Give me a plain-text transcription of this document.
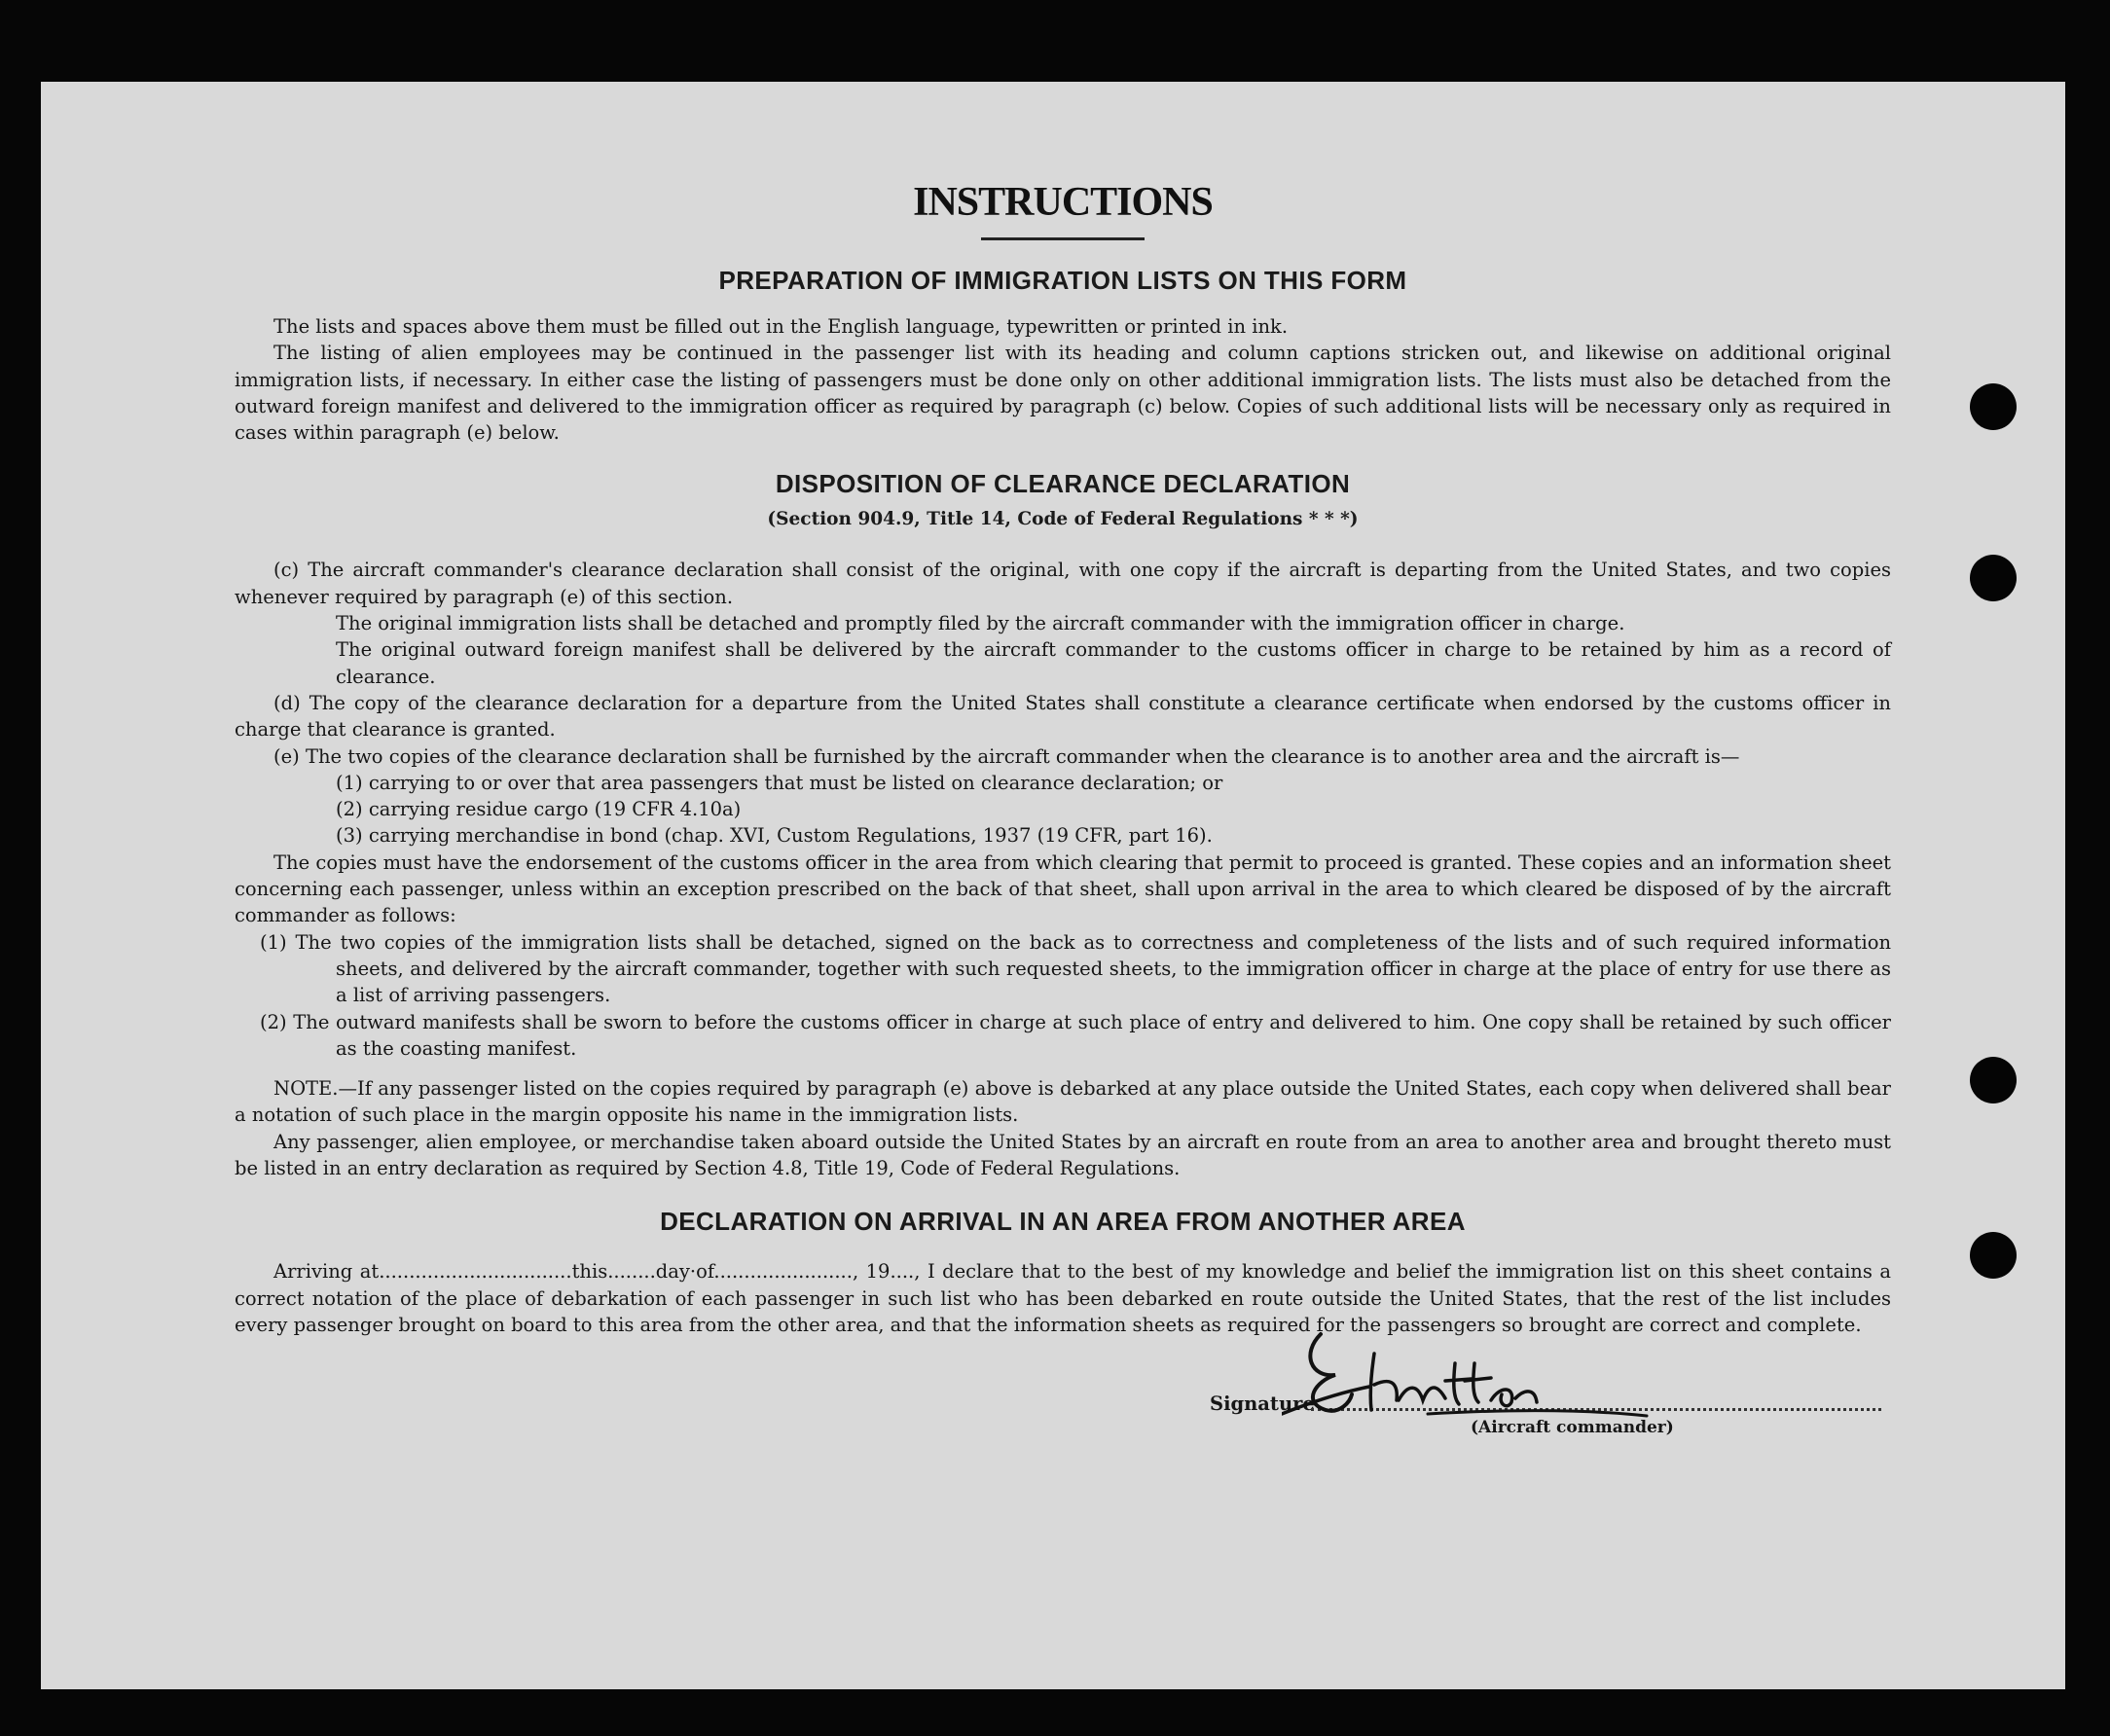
INSTRUCTIONS
PREPARATION OF IMMIGRATION LISTS ON THIS FORM

The lists and spaces above them must be filled out in the English language, typewritten or printed in ink.

The listing of alien employees may be continued in the passenger list with its heading and column captions stricken out, and likewise on additional original immigration lists, if necessary. In either case the listing of passengers must be done only on other additional immigration lists. The lists must also be detached from the outward foreign manifest and delivered to the immigration officer as required by paragraph (c) below. Copies of such additional lists will be necessary only as required in cases within paragraph (e) below.

DISPOSITION OF CLEARANCE DECLARATION
(Section 904.9, Title 14, Code of Federal Regulations * * *)

(c) The aircraft commander's clearance declaration shall consist of the original, with one copy if the aircraft is departing from the United States, and two copies whenever required by paragraph (e) of this section.

The original immigration lists shall be detached and promptly filed by the aircraft commander with the immigration officer in charge.

The original outward foreign manifest shall be delivered by the aircraft commander to the customs officer in charge to be retained by him as a record of clearance.

(d) The copy of the clearance declaration for a departure from the United States shall constitute a clearance certificate when endorsed by the customs officer in charge that clearance is granted.

(e) The two copies of the clearance declaration shall be furnished by the aircraft commander when the clearance is to another area and the aircraft is—

(1) carrying to or over that area passengers that must be listed on clearance declaration; or

(2) carrying residue cargo (19 CFR 4.10a)

(3) carrying merchandise in bond (chap. XVI, Custom Regulations, 1937 (19 CFR, part 16).

The copies must have the endorsement of the customs officer in the area from which clearing that permit to proceed is granted. These copies and an information sheet concerning each passenger, unless within an exception prescribed on the back of that sheet, shall upon arrival in the area to which cleared be disposed of by the aircraft commander as follows:

(1) The two copies of the immigration lists shall be detached, signed on the back as to correctness and completeness of the lists and of such required information sheets, and delivered by the aircraft commander, together with such requested sheets, to the immigration officer in charge at the place of entry for use there as a list of arriving passengers.

(2) The outward manifests shall be sworn to before the customs officer in charge at such place of entry and delivered to him. One copy shall be retained by such officer as the coasting manifest.

NOTE.—If any passenger listed on the copies required by paragraph (e) above is debarked at any place outside the United States, each copy when delivered shall bear a notation of such place in the margin opposite his name in the immigration lists.

Any passenger, alien employee, or merchandise taken aboard outside the United States by an aircraft en route from an area to another area and brought thereto must be listed in an entry declaration as required by Section 4.8, Title 19, Code of Federal Regulations.

DECLARATION ON ARRIVAL IN AN AREA FROM ANOTHER AREA

Arriving at................................this........day·of......................., 19...., I declare that to the best of my knowledge and belief the immigration list on this sheet contains a correct notation of the place of debarkation of each passenger in such list who has been debarked en route outside the United States, that the rest of the list includes every passenger brought on board to this area from the other area, and that the information sheets as required for the passengers so brought are correct and complete.

Signature
(Aircraft commander)
